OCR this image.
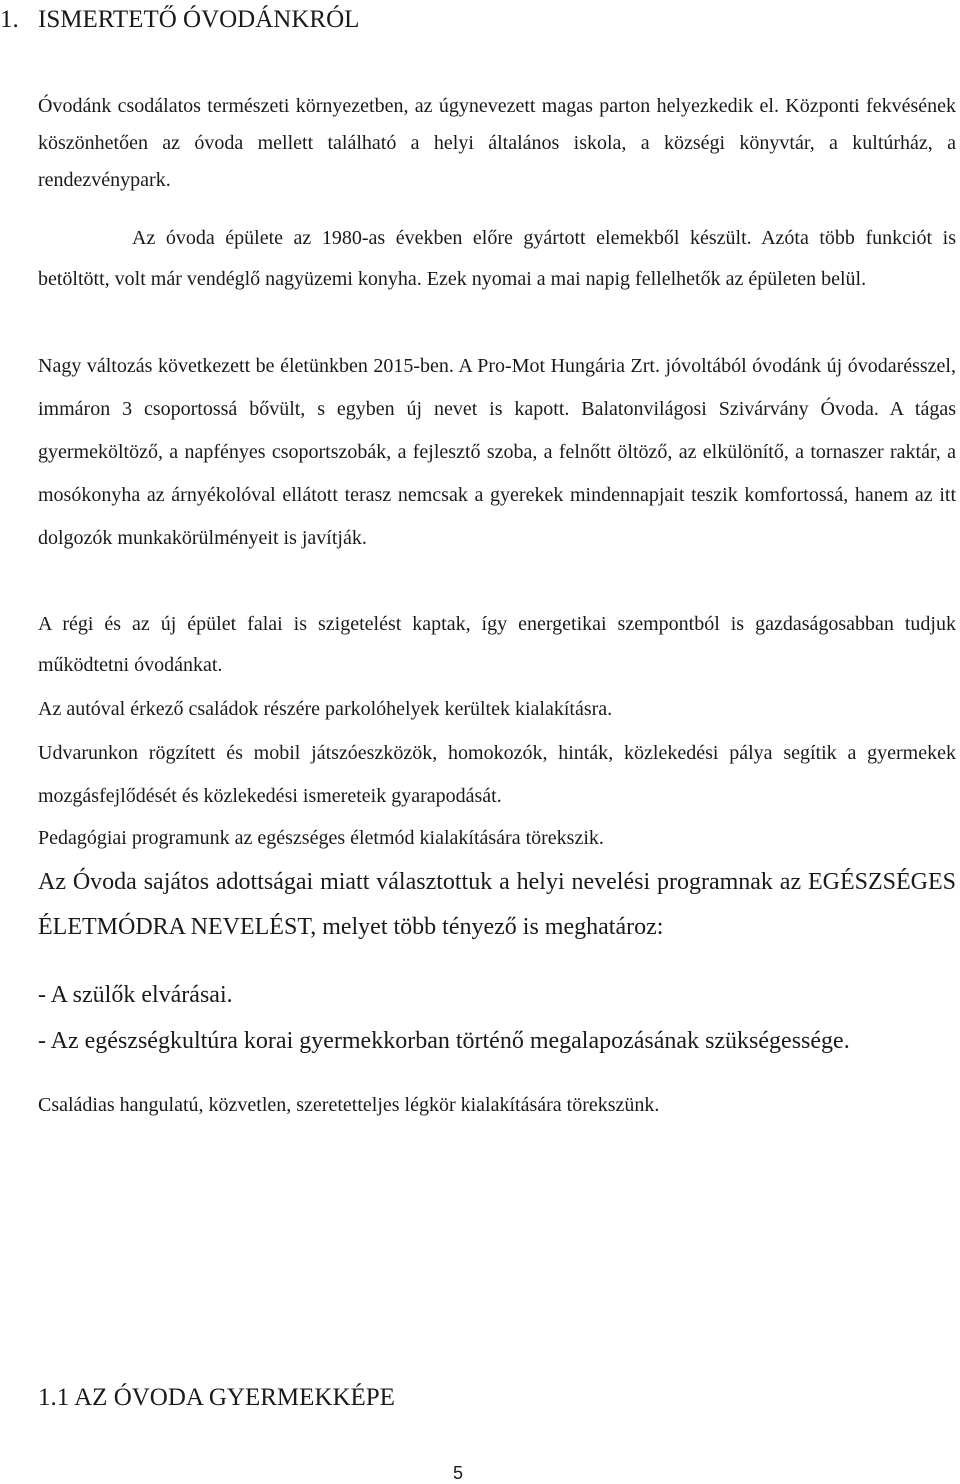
1. ISMERTETŐ ÓVODÁNKRÓL

Óvodánk csodálatos természeti környezetben, az úgynevezett magas parton helyezkedik el. Központi fekvésének köszönhetően az óvoda mellett található a helyi általános iskola, a községi könyvtár, a kultúrház, a rendezvénypark.

Az óvoda épülete az 1980-as években előre gyártott elemekből készült. Azóta több funkciót is betöltött, volt már vendéglő nagyüzemi konyha. Ezek nyomai a mai napig fellelhetők az épületen belül.

Nagy változás következett be életünkben 2015-ben. A Pro-Mot Hungária Zrt. jóvoltából óvodánk új óvodarésszel, immáron 3 csoportossá bővült, s egyben új nevet is kapott. Balatonvilágosi Szivárvány Óvoda. A tágas gyermeköltöző, a napfényes csoportszobák, a fejlesztő szoba, a felnőtt öltöző, az elkülönítő, a tornaszer raktár, a mosókonyha az árnyékolóval ellátott terasz nemcsak a gyerekek mindennapjait teszik komfortossá, hanem az itt dolgozók munkakörülményeit is javítják.

A régi és az új épület falai is szigetelést kaptak, így energetikai szempontból is gazdaságosabban tudjuk működtetni óvodánkat.

Az autóval érkező családok részére parkolóhelyek kerültek kialakításra.

Udvarunkon rögzített és mobil játszóeszközök, homokozók, hinták, közlekedési pálya segítik a gyermekek mozgásfejlődését és közlekedési ismereteik gyarapodását.

Pedagógiai programunk az egészséges életmód kialakítására törekszik.

Az Óvoda sajátos adottságai miatt választottuk a helyi nevelési programnak az EGÉSZSÉGES ÉLETMÓDRA NEVELÉST, melyet több tényező is meghatároz:

- A szülők elvárásai.

- Az egészségkultúra korai gyermekkorban történő megalapozásának szükségessége.

Családias hangulatú, közvetlen, szeretetteljes légkör kialakítására törekszünk.

1.1 AZ ÓVODA GYERMEKKÉPE
5
